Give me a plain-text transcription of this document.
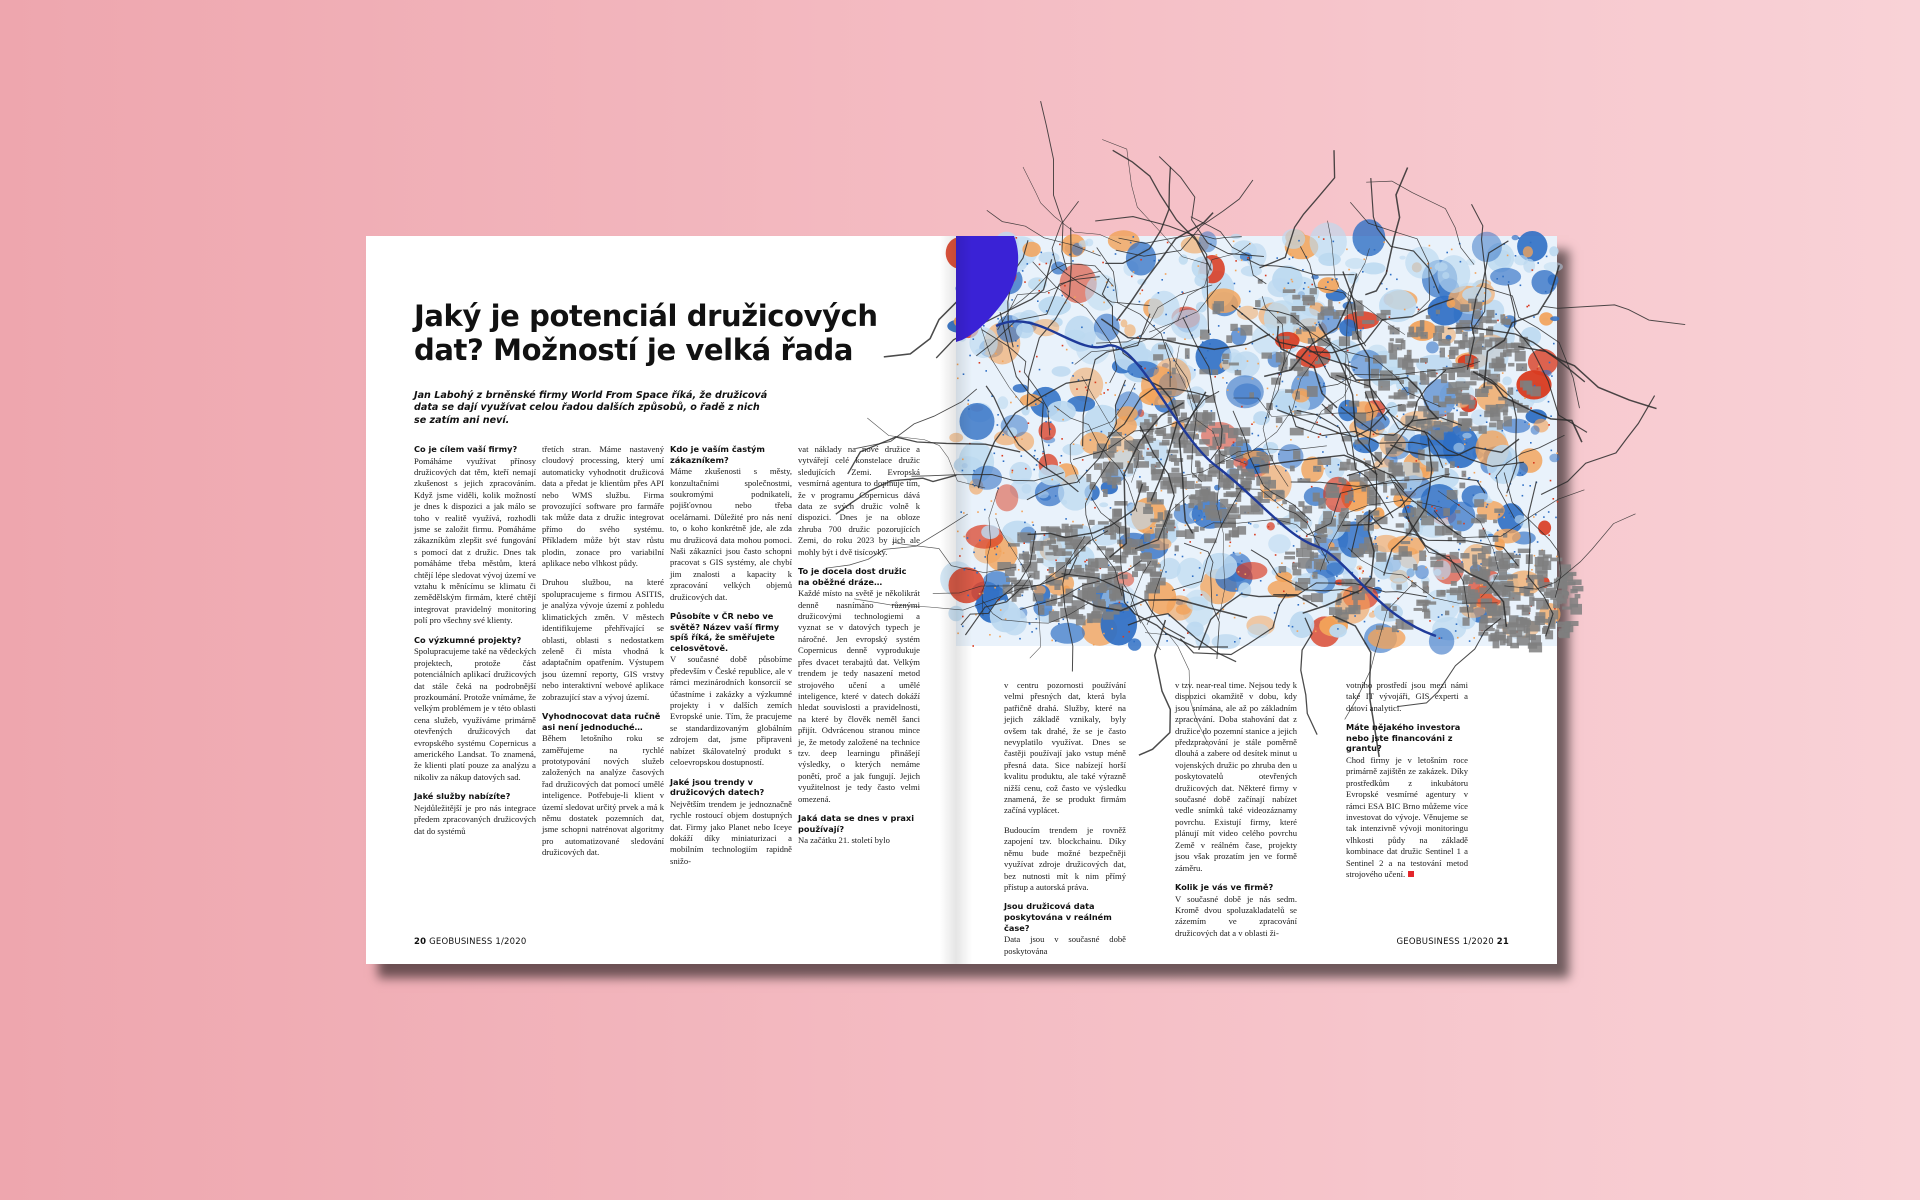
Jaký je potenciál družicových dat? Možností je velká řada

Jan Labohý z brněnské firmy World From Space říká, že družicová data se dají využívat celou řadou dalších způsobů, o řadě z nich se zatím ani neví.

Co je cílem vaší firmy?

Pomáháme využívat přínosy družicových dat těm, kteří nemají zkušenost s jejich zpracováním. Když jsme viděli, kolik možností je dnes k dispozici a jak málo se toho v realitě využívá, rozhodli jsme se založit firmu. Pomáháme zákazníkům zlepšit své fungování s pomocí dat z družic. Dnes tak pomáháme třeba městům, která chtějí lépe sledovat vývoj území ve vztahu k měnícímu se klimatu či zemědělským firmám, které chtějí integrovat pravidelný monitoring polí pro všechny své klienty.

Co výzkumné projekty?

Spolupracujeme také na vědeckých projektech, protože část potenciálních aplikací družicových dat stále čeká na podrobnější prozkoumání. Protože vnímáme, že velkým problémem je v této oblasti cena služeb, využíváme primárně otevřených družicových dat evropského systému Copernicus a amerického Landsat. To znamená, že klienti platí pouze za analýzu a nikoliv za nákup datových sad.

Jaké služby nabízíte?

Nejdůležitější je pro nás integrace předem zpracovaných družicových dat do systémů

třetích stran. Máme nastavený cloudový processing, který umí automaticky vyhodnotit družicová data a předat je klientům přes API nebo WMS službu. Firma provozující software pro farmáře tak může data z družic integrovat přímo do svého systému. Příkladem může být stav růstu plodin, zonace pro variabilní aplikace nebo vlhkost půdy.

Druhou službou, na které spolupracujeme s firmou ASITIS, je analýza vývoje území z pohledu klimatických změn. V městech identifikujeme přehřívající se oblasti, oblasti s nedostatkem zeleně či místa vhodná k adaptačním opatřením. Výstupem jsou územní reporty, GIS vrstvy nebo interaktivní webové aplikace zobrazující stav a vývoj území.

Vyhodnocovat data ručně asi není jednoduché…

Během letošního roku se zaměřujeme na rychlé prototypování nových služeb založených na analýze časových řad družicových dat pomocí umělé inteligence. Potřebuje-li klient v území sledovat určitý prvek a má k němu dostatek pozemních dat, jsme schopni natrénovat algoritmy pro automatizované sledování družicových dat.

Kdo je vaším častým zákazníkem?

Máme zkušenosti s městy, konzultačními společnostmi, soukromými podnikateli, pojišťovnou nebo třeba ocelárnami. Důležité pro nás není to, o koho konkrétně jde, ale zda mu družicová data mohou pomoci. Naši zákazníci jsou často schopni pracovat s GIS systémy, ale chybí jim znalosti a kapacity k zpracování velkých objemů družicových dat.

Působíte v ČR nebo ve světě? Název vaší firmy spíš říká, že směřujete celosvětově.

V současné době působíme především v České republice, ale v rámci mezinárodních konsorcií se účastníme i zakázky a výzkumné projekty i v dalších zemích Evropské unie. Tím, že pracujeme se standardizovaným globálním zdrojem dat, jsme připraveni nabízet škálovatelný produkt s celoevropskou dostupností.

Jaké jsou trendy v družicových datech?

Největším trendem je jednoznačně rychle rostoucí objem dostupných dat. Firmy jako Planet nebo Iceye dokáží díky miniaturizaci a mobilním technologiím rapidně snižo-

vat náklady na nové družice a vytvářejí celé konstelace družic sledujících Zemi. Evropská vesmírná agentura to doplňuje tím, že v programu Copernicus dává data ze svých družic volně k dispozici. Dnes je na obloze zhruba 700 družic pozorujících Zemi, do roku 2023 by jich ale mohly být i dvě tisícovky.

To je docela dost družic na oběžné dráze…

Každé místo na světě je několikrát denně nasnímáno různými družicovými technologiemi a vyznat se v datových typech je náročné. Jen evropský systém Copernicus denně vyprodukuje přes dvacet terabajtů dat. Velkým trendem je tedy nasazení metod strojového učení a umělé inteligence, které v datech dokáží hledat souvislosti a pravidelnosti, na které by člověk neměl šanci přijít. Odvrácenou stranou mince je, že metody založené na technice tzv. deep learningu přinášejí výsledky, o kterých nemáme ponětí, proč a jak fungují. Jejich využitelnost je tedy často velmi omezená.

Jaká data se dnes v praxi používají?

Na začátku 21. století bylo

20 GEOBUSINESS 1/2020

v centru pozornosti používání velmi přesných dat, která byla patřičně drahá. Služby, které na jejich základě vznikaly, byly ovšem tak drahé, že se je často nevyplatilo využívat. Dnes se častěji používají jako vstup méně přesná data. Sice nabízejí horší kvalitu produktu, ale také výrazně nižší cenu, což často ve výsledku znamená, že se produkt firmám začíná vyplácet.

Budoucím trendem je rovněž zapojení tzv. blockchainu. Díky němu bude možné bezpečněji využívat zdroje družicových dat, bez nutnosti mít k nim přímý přístup a autorská práva.

Jsou družicová data poskytována v reálném čase?

Data jsou v současné době poskytována

v tzv. near-real time. Nejsou tedy k dispozici okamžitě v dobu, kdy jsou snímána, ale až po základním zpracování. Doba stahování dat z družice do pozemní stanice a jejich předzpracování je stále poměrně dlouhá a zabere od desítek minut u vojenských družic po zhruba den u poskytovatelů otevřených družicových dat. Některé firmy v současné době začínají nabízet vedle snímků také videozáznamy povrchu. Existují firmy, které plánují mít video celého povrchu Země v reálném čase, projekty jsou však prozatím jen ve formě záměru.

Kolik je vás ve firmě?

V současné době je nás sedm. Kromě dvou spoluzakladatelů se zázemím ve zpracování družicových dat a v oblasti ži-

votního prostředí jsou mezi námi také IT vývojáři, GIS experti a datoví analytici.

Máte nějakého investora nebo jste financováni z grantu?

Chod firmy je v letošním roce primárně zajištěn ze zakázek. Díky prostředkům z inkubátoru Evropské vesmírné agentury v rámci ESA BIC Brno můžeme více investovat do vývoje. Věnujeme se tak intenzivně vývoji monitoringu vlhkosti půdy na základě kombinace dat družic Sentinel 1 a Sentinel 2 a na testování metod strojového učení.

GEOBUSINESS 1/2020 21
